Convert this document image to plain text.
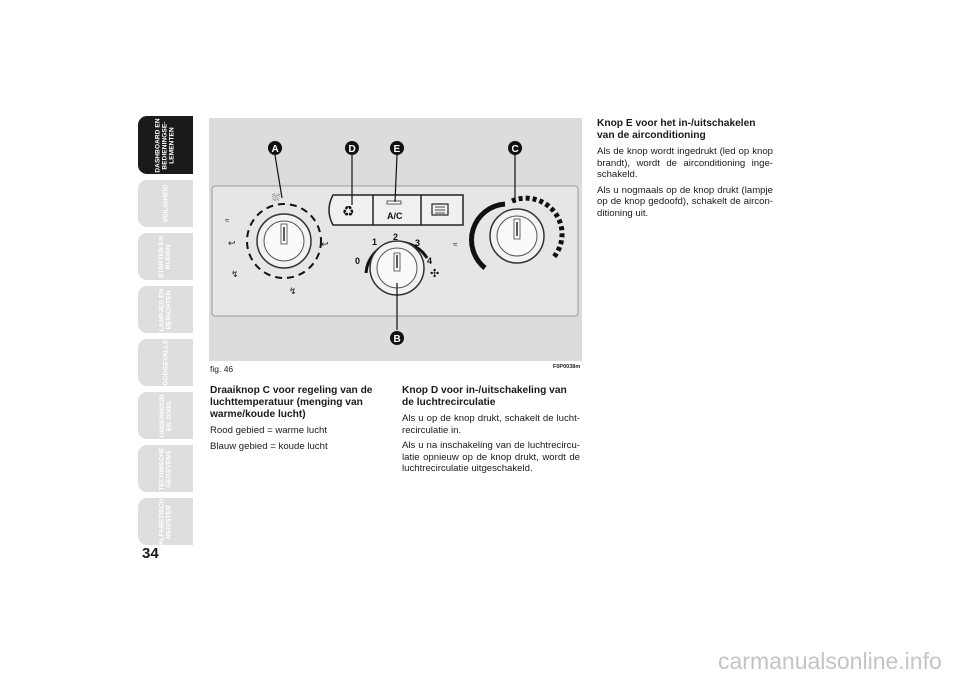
DASHBOARD EN
BEDIENINGSE-
LEMENTEN
VEILIGHEID
STARTEN EN
RIJDEN
LAMPJES EN
BERICHTEN
NOODGEVALLEN
ONDERHOUD
EN ZORG
TECHNISCHE
GEGEVENS
ALFABETISCH
REGISTER
34
⛆
≈
↩
↯
↯
↩
♻	A/C
0
1 2
3
4
✣
≈
A	D	E	C
B
fig. 46	F0P0038m
Draaiknop C voor regeling van de luchttemperatuur (menging van warme/koude lucht)

Rood gebied = warme lucht

Blauw gebied = koude lucht

Knop D voor in-/uitschakeling van de luchtrecirculatie

Als u op de knop drukt, schakelt de lucht-recirculatie in.

Als u na inschakeling van de luchtrecircu-latie opnieuw op de knop drukt, wordt de luchtrecirculatie uitgeschakeld.

Knop E voor het in-/uitschakelen van de airconditioning

Als de knop wordt ingedrukt (led op knop brandt), wordt de airconditioning inge-schakeld.

Als u nogmaals op de knop drukt (lampje op de knop gedoofd), schakelt de aircon-ditioning uit.

carmanualsonline.info
